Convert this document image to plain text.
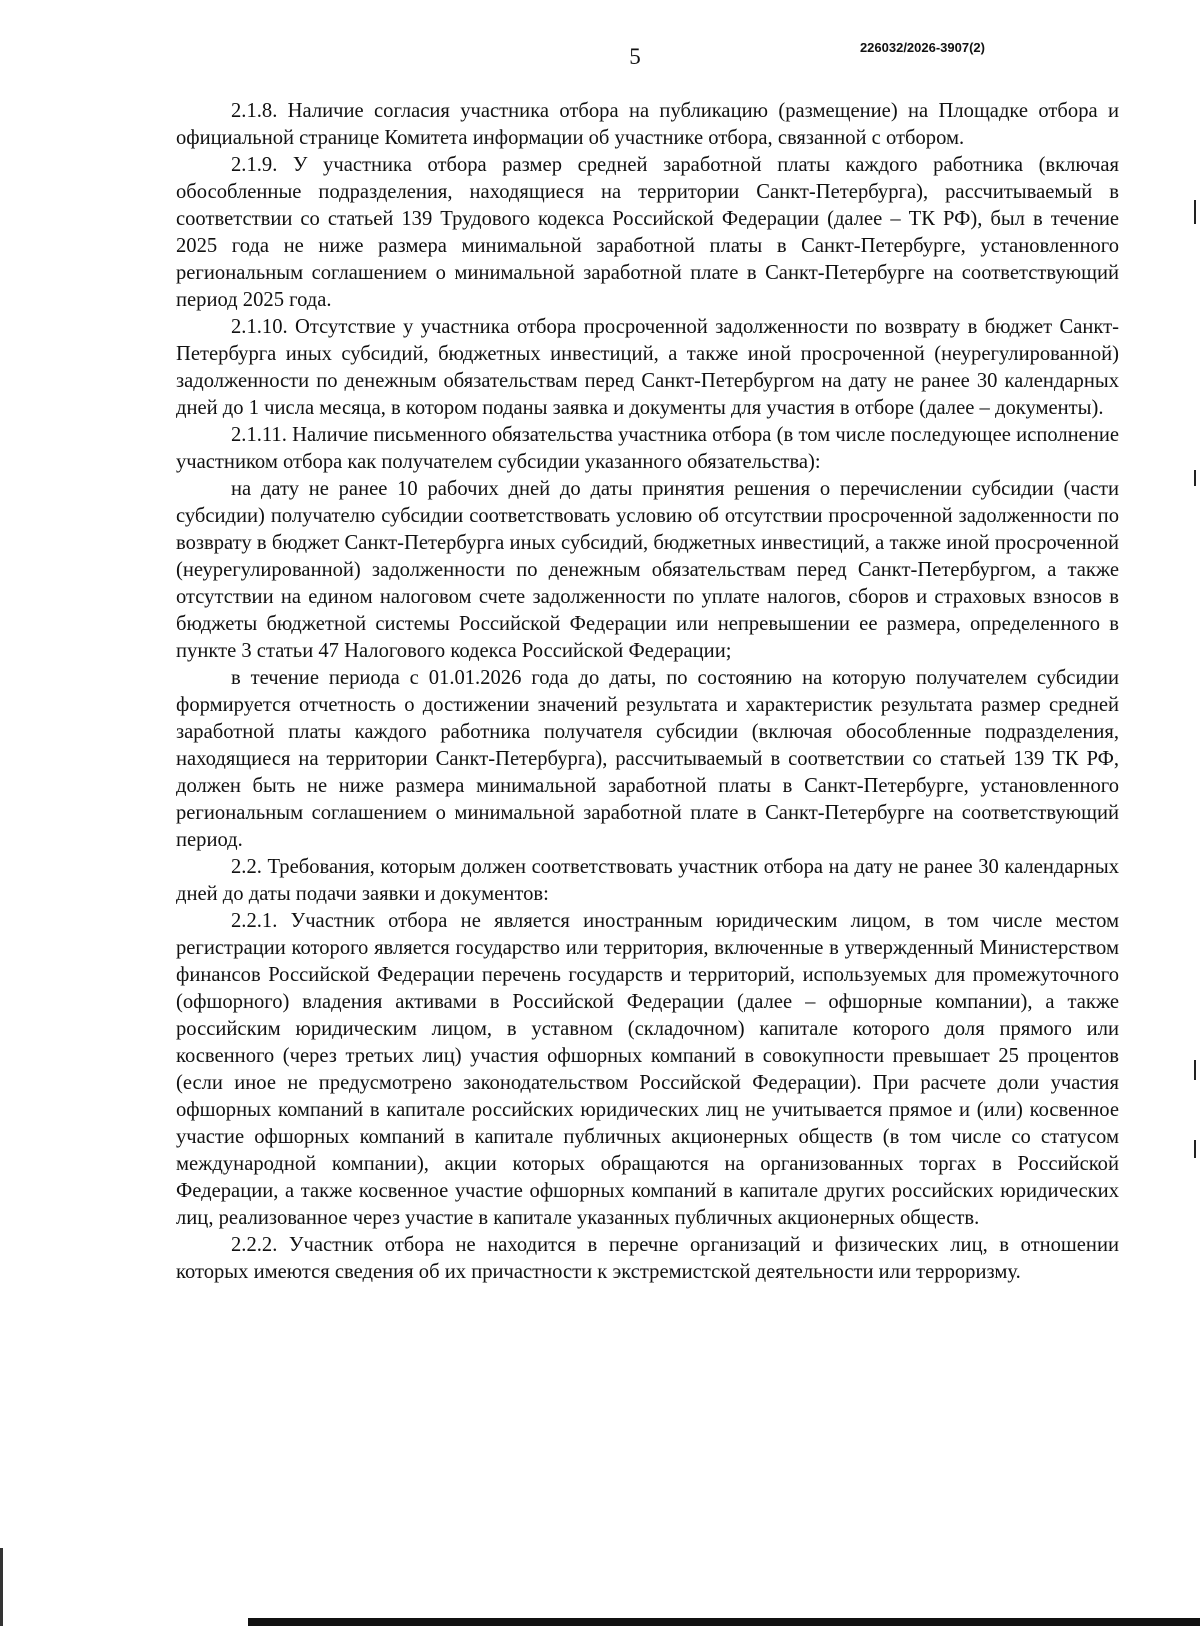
5	226032/2026-3907(2)

2.1.8. Наличие согласия участника отбора на публикацию (размещение) на Площадке отбора и официальной странице Комитета информации об участнике отбора, связанной с отбором.

2.1.9. У участника отбора размер средней заработной платы каждого работника (включая обособленные подразделения, находящиеся на территории Санкт-Петербурга), рассчитываемый в соответствии со статьей 139 Трудового кодекса Российской Федерации (далее – ТК РФ), был в течение 2025 года не ниже размера минимальной заработной платы в Санкт-Петербурге, установленного региональным соглашением о минимальной заработной плате в Санкт-Петербурге на соответствующий период 2025 года.

2.1.10. Отсутствие у участника отбора просроченной задолженности по возврату в бюджет Санкт-Петербурга иных субсидий, бюджетных инвестиций, а также иной просроченной (неурегулированной) задолженности по денежным обязательствам перед Санкт-Петербургом на дату не ранее 30 календарных дней до 1 числа месяца, в котором поданы заявка и документы для участия в отборе (далее – документы).

2.1.11. Наличие письменного обязательства участника отбора (в том числе последующее исполнение участником отбора как получателем субсидии указанного обязательства):

на дату не ранее 10 рабочих дней до даты принятия решения о перечислении субсидии (части субсидии) получателю субсидии соответствовать условию об отсутствии просроченной задолженности по возврату в бюджет Санкт-Петербурга иных субсидий, бюджетных инвестиций, а также иной просроченной (неурегулированной) задолженности по денежным обязательствам перед Санкт-Петербургом, а также отсутствии на едином налоговом счете задолженности по уплате налогов, сборов и страховых взносов в бюджеты бюджетной системы Российской Федерации или непревышении ее размера, определенного в пункте 3 статьи 47 Налогового кодекса Российской Федерации;

в течение периода с 01.01.2026 года до даты, по состоянию на которую получателем субсидии формируется отчетность о достижении значений результата и характеристик результата размер средней заработной платы каждого работника получателя субсидии (включая обособленные подразделения, находящиеся на территории Санкт-Петербурга), рассчитываемый в соответствии со статьей 139 ТК РФ, должен быть не ниже размера минимальной заработной платы в Санкт-Петербурге, установленного региональным соглашением о минимальной заработной плате в Санкт-Петербурге на соответствующий период.

2.2. Требования, которым должен соответствовать участник отбора на дату не ранее 30 календарных дней до даты подачи заявки и документов:

2.2.1. Участник отбора не является иностранным юридическим лицом, в том числе местом регистрации которого является государство или территория, включенные в утвержденный Министерством финансов Российской Федерации перечень государств и территорий, используемых для промежуточного (офшорного) владения активами в Российской Федерации (далее – офшорные компании), а также российским юридическим лицом, в уставном (складочном) капитале которого доля прямого или косвенного (через третьих лиц) участия офшорных компаний в совокупности превышает 25 процентов (если иное не предусмотрено законодательством Российской Федерации). При расчете доли участия офшорных компаний в капитале российских юридических лиц не учитывается прямое и (или) косвенное участие офшорных компаний в капитале публичных акционерных обществ (в том числе со статусом международной компании), акции которых обращаются на организованных торгах в Российской Федерации, а также косвенное участие офшорных компаний в капитале других российских юридических лиц, реализованное через участие в капитале указанных публичных акционерных обществ.

2.2.2. Участник отбора не находится в перечне организаций и физических лиц, в отношении которых имеются сведения об их причастности к экстремистской деятельности или терроризму.
